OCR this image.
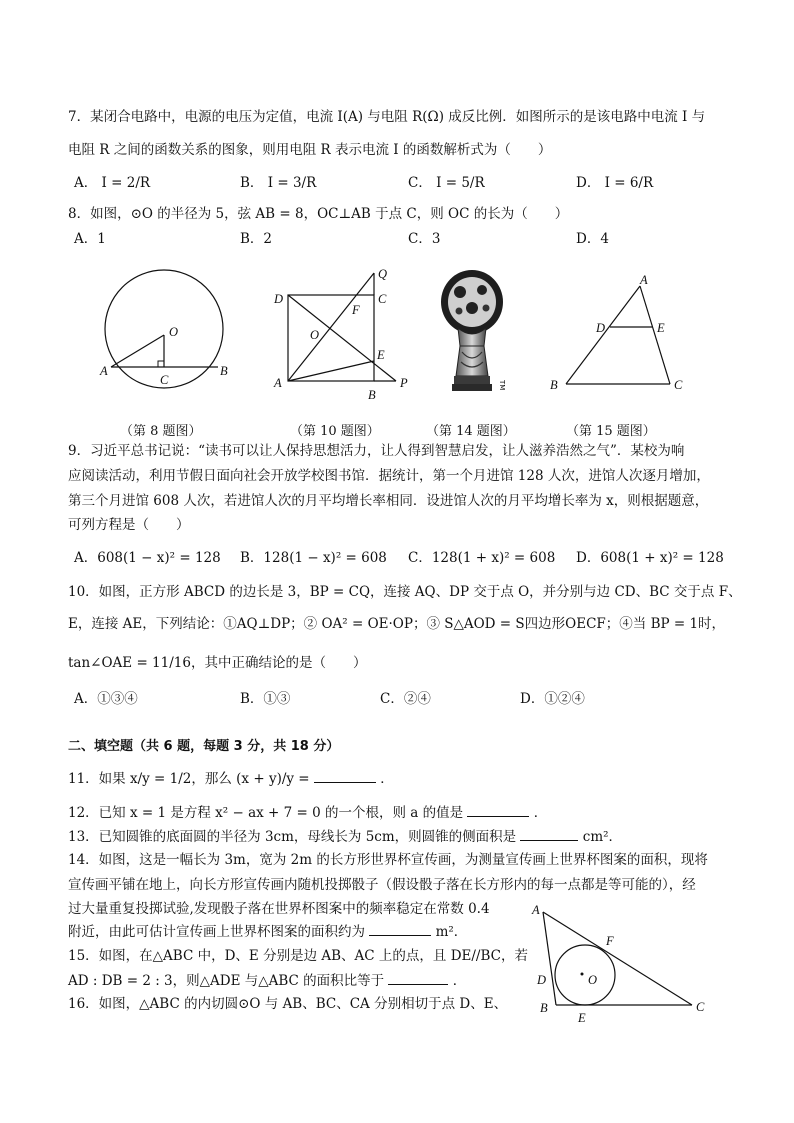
7．某闭合电路中，电源的电压为定值，电流 I(A) 与电阻 R(Ω) 成反比例．如图所示的是该电路中电流 I 与
电阻 R 之间的函数关系的图象，则用电阻 R 表示电流 I 的函数解析式为（　　）
A． I = 2/R	B． I = 3/R	C． I = 5/R	D． I = 6/R
8．如图，⊙O 的半径为 5，弦 AB = 8，OC⊥AB 于点 C，则 OC 的长为（　　）
A．1	B．2	C．3	D．4
O
A
C
B
Q
D	C
F
O
E
A
B
P	TM
A
D	E
B	C
（第 8 题图）	（第 10 题图）	（第 14 题图）	（第 15 题图）
9．习近平总书记说：“读书可以让人保持思想活力，让人得到智慧启发，让人滋养浩然之气”．某校为响
应阅读活动，利用节假日面向社会开放学校图书馆．据统计，第一个月进馆 128 人次，进馆人次逐月增加，
第三个月进馆 608 人次，若进馆人次的月平均增长率相同．设进馆人次的月平均增长率为 x，则根据题意，
可列方程是（　　）
A．608(1 − x)² = 128 B．128(1 − x)² = 608 C．128(1 + x)² = 608 D．608(1 + x)² = 128
10．如图，正方形 ABCD 的边长是 3，BP = CQ，连接 AQ、DP 交于点 O，并分别与边 CD、BC 交于点 F、
E，连接 AE，下列结论：①AQ⊥DP；② OA² = OE·OP；③ S△AOD = S四边形OECF；④当 BP = 1时，
tan∠OAE = 11/16，其中正确结论的是（　　）
A．①③④	B．①③	C．②④	D．①②④
二、填空题（共 6 题，每题 3 分，共 18 分）
11．如果 x/y = 1/2，那么 (x + y)/y =	．
12．已知 x = 1 是方程 x² − ax + 7 = 0 的一个根，则 a 的值是	．
13．已知圆锥的底面圆的半径为 3cm，母线长为 5cm，则圆锥的侧面积是	cm²．
14．如图，这是一幅长为 3m，宽为 2m 的长方形世界杯宣传画，为测量宣传画上世界杯图案的面积，现将
宣传画平铺在地上，向长方形宣传画内随机投掷骰子（假设骰子落在长方形内的每一点都是等可能的），经
过大量重复投掷试验,发现骰子落在世界杯图案中的频率稳定在常数 0.4
附近，由此可估计宣传画上世界杯图案的面积约为	m²．
15．如图，在△ABC 中，D、E 分别是边 AB、AC 上的点，且 DE//BC，若
AD : DB = 2 : 3，则△ADE 与△ABC 的面积比等于	．
16．如图，△ABC 的内切圆⊙O 与 AB、BC、CA 分别相切于点 D、E、
A
F
D	O
B
E
C
